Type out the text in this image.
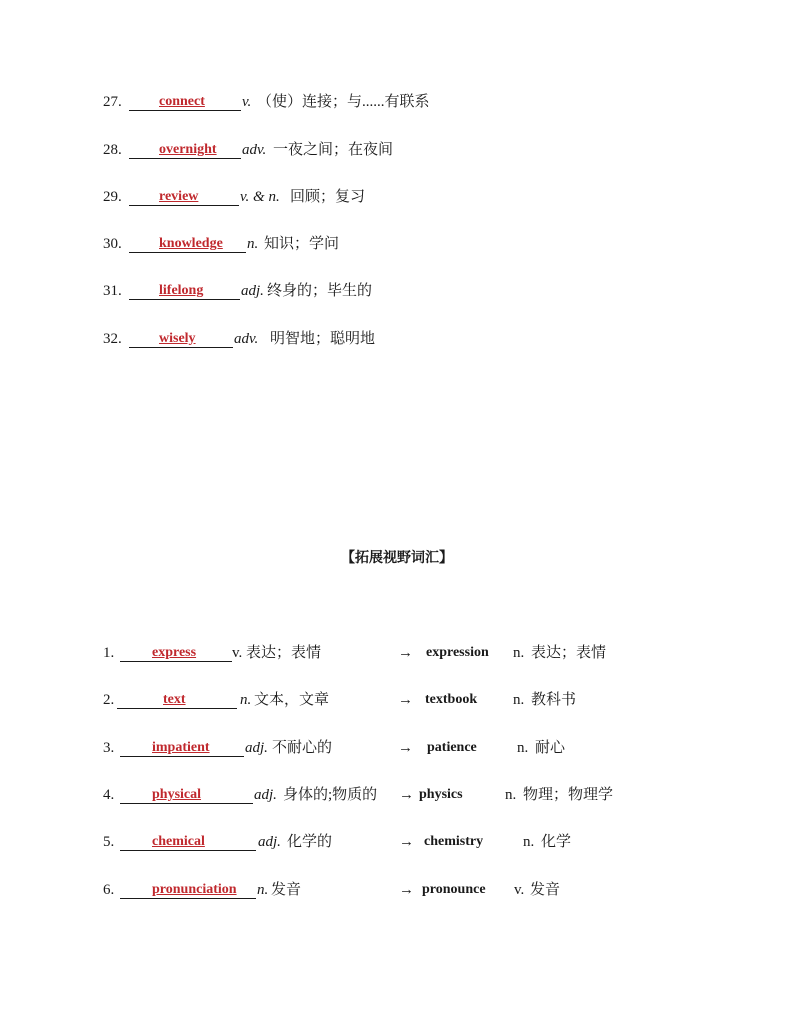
27.	connect v. （使）连接；与......有联系
28.	overnight adv. 一夜之间；在夜间
29.	review	v. & n. 回顾；复习
30.	knowledge n. 知识；学问
31.	lifelong	adj. 终身的；毕生的
32.	wisely	adv. 明智地；聪明地
【拓展视野词汇】
1.	express v. 表达；表情	→ expression n. 表达；表情
2.	text	n. 文本，文章	→ textbook n. 教科书
3.	impatient adj. 不耐心的	→ patience	n. 耐心
4.	physical	adj. 身体的;物质的 → physics	n. 物理；物理学
5.	chemical	adj. 化学的	→ chemistry	n. 化学
6.	pronunciation n. 发音	→ pronounce v. 发音
